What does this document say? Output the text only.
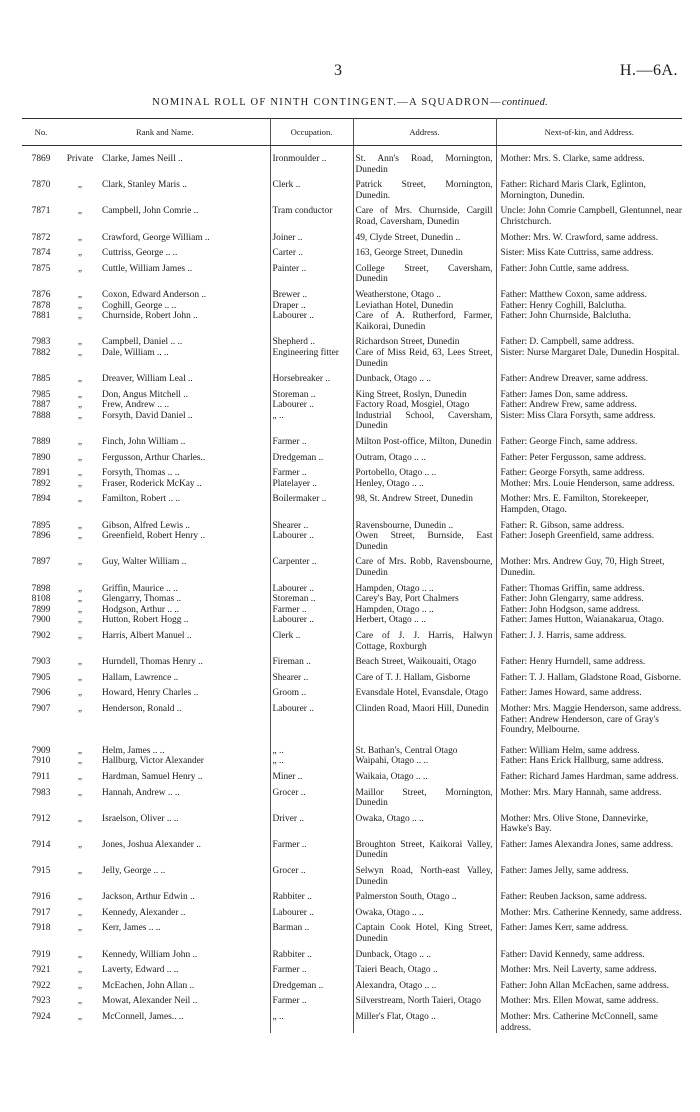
3	H.—6A.
NOMINAL ROLL OF NINTH CONTINGENT.—A SQUADRON—continued.
No.	Rank and Name.		Occupation.	Address.	Next-of-kin, and Address.
7869	Private	Clarke, James Neill ..	Ironmoulder ..	St. Ann's Road, Mornington, Dunedin	Mother: Mrs. S. Clarke, same address.
7870	„	Clark, Stanley Maris ..	Clerk ..	Patrick Street, Mornington, Dunedin.	Father: Richard Maris Clark, Eglinton, Mornington, Dunedin.
7871	„	Campbell, John Comrie ..	Tram conductor	Care of Mrs. Churnside, Cargill Road, Caversham, Dunedin	Uncle: John Comrie Campbell, Glentunnel, near Christchurch.
7872	„	Crawford, George William ..	Joiner ..	49, Clyde Street, Dunedin ..	Mother: Mrs. W. Crawford, same address.
7874	„	Cuttriss, George .. ..	Carter ..	163, George Street, Dunedin	Sister: Miss Kate Cuttriss, same address.
7875	„	Cuttle, William James ..	Painter ..	College Street, Caversham, Dunedin	Father: John Cuttle, same address.
7876	„	Coxon, Edward Anderson ..	Brewer ..	Weatherstone, Otago ..	Father: Matthew Coxon, same address.
7878	„	Coghill, George .. ..	Draper ..	Leviathan Hotel, Dunedin	Father: Henry Coghill, Balclutha.
7881	„	Churnside, Robert John ..	Labourer ..	Care of A. Rutherford, Farmer, Kaikorai, Dunedin	Father: John Churnside, Balclutha.
7983	„	Campbell, Daniel .. ..	Shepherd ..	Richardson Street, Dunedin	Father: D. Campbell, same address.
7882	„	Dale, William .. ..	Engineering fitter	Care of Miss Reid, 63, Lees Street, Dunedin	Sister: Nurse Margaret Dale, Dunedin Hospital.
7885	„	Dreaver, William Leal ..	Horsebreaker ..	Dunback, Otago .. ..	Father: Andrew Dreaver, same address.
7985	„	Don, Angus Mitchell ..	Storeman ..	King Street, Roslyn, Dunedin	Father: James Don, same address.
7887	„	Frew, Andrew .. ..	Labourer ..	Factory Road, Mosgiel, Otago	Father: Andrew Frew, same address.
7888	„	Forsyth, David Daniel ..	„ ..	Industrial School, Caversham, Dunedin	Sister: Miss Clara Forsyth, same address.
7889	„	Finch, John William ..	Farmer ..	Milton Post-office, Milton, Dunedin	Father: George Finch, same address.
7890	„	Fergusson, Arthur Charles..	Dredgeman ..	Outram, Otago .. ..	Father: Peter Fergusson, same address.
7891	„	Forsyth, Thomas .. ..	Farmer ..	Portobello, Otago .. ..	Father: George Forsyth, same address.
7892	„	Fraser, Roderick McKay ..	Platelayer ..	Henley, Otago .. ..	Mother: Mrs. Louie Henderson, same address.
7894	„	Familton, Robert .. ..	Boilermaker ..	98, St. Andrew Street, Dunedin	Mother: Mrs. E. Familton, Storekeeper, Hampden, Otago.
7895	„	Gibson, Alfred Lewis ..	Shearer ..	Ravensbourne, Dunedin ..	Father: R. Gibson, same address.
7896	„	Greenfield, Robert Henry ..	Labourer ..	Owen Street, Burnside, East Dunedin	Father: Joseph Greenfield, same address.
7897	„	Guy, Walter William ..	Carpenter ..	Care of Mrs. Robb, Ravensbourne, Dunedin	Mother: Mrs. Andrew Guy, 70, High Street, Dunedin.
7898	„	Griffin, Maurice .. ..	Labourer ..	Hampden, Otago .. ..	Father: Thomas Griffin, same address.
8108	„	Glengarry, Thomas ..	Storeman ..	Carey's Bay, Port Chalmers	Father: John Glengarry, same address.
7899	„	Hodgson, Arthur .. ..	Farmer ..	Hampden, Otago .. ..	Father: John Hodgson, same address.
7900	„	Hutton, Robert Hogg ..	Labourer ..	Herbert, Otago .. ..	Father: James Hutton, Waianakarua, Otago.
7902	„	Harris, Albert Manuel ..	Clerk ..	Care of J. J. Harris, Halwyn Cottage, Roxburgh	Father: J. J. Harris, same address.
7903	„	Hurndell, Thomas Henry ..	Fireman ..	Beach Street, Waikouaiti, Otago	Father: Henry Hurndell, same address.
7905	„	Hallam, Lawrence ..	Shearer ..	Care of T. J. Hallam, Gisborne	Father: T. J. Hallam, Gladstone Road, Gisborne.
7906	„	Howard, Henry Charles ..	Groom ..	Evansdale Hotel, Evansdale, Otago	Father: James Howard, same address.
7907	„	Henderson, Ronald ..	Labourer ..	Clinden Road, Maori Hill, Dunedin	Mother: Mrs. Maggie Henderson, same address. Father: Andrew Henderson, care of Gray's Foundry, Melbourne.
7909	„	Helm, James .. ..	„ ..	St. Bathan's, Central Otago	Father: William Helm, same address.
7910	„	Hallburg, Victor Alexander	„ ..	Waipahi, Otago .. ..	Father: Hans Erick Hallburg, same address.
7911	„	Hardman, Samuel Henry ..	Miner ..	Waikaia, Otago .. ..	Father: Richard James Hardman, same address.
7983	„	Hannah, Andrew .. ..	Grocer ..	Maillor Street, Mornington, Dunedin	Mother: Mrs. Mary Hannah, same address.
7912	„	Israelson, Oliver .. ..	Driver ..	Owaka, Otago .. ..	Mother: Mrs. Olive Stone, Dannevirke, Hawke's Bay.
7914	„	Jones, Joshua Alexander ..	Farmer ..	Broughton Street, Kaikorai Valley, Dunedin	Father: James Alexandra Jones, same address.
7915	„	Jelly, George .. ..	Grocer ..	Selwyn Road, North-east Valley, Dunedin	Father: James Jelly, same address.
7916	„	Jackson, Arthur Edwin ..	Rabbiter ..	Palmerston South, Otago ..	Father: Reuben Jackson, same address.
7917	„	Kennedy, Alexander ..	Labourer ..	Owaka, Otago .. ..	Mother: Mrs. Catherine Kennedy, same address.
7918	„	Kerr, James .. ..	Barman ..	Captain Cook Hotel, King Street, Dunedin	Father: James Kerr, same address.
7919	„	Kennedy, William John ..	Rabbiter ..	Dunback, Otago .. ..	Father: David Kennedy, same address.
7921	„	Laverty, Edward .. ..	Farmer ..	Taieri Beach, Otago ..	Mother: Mrs. Neil Laverty, same address.
7922	„	McEachen, John Allan ..	Dredgeman ..	Alexandra, Otago .. ..	Father: John Allan McEachen, same address.
7923	„	Mowat, Alexander Neil ..	Farmer ..	Silverstream, North Taieri, Otago	Mother: Mrs. Ellen Mowat, same address.
7924	„	McConnell, James.. ..	„ ..	Miller's Flat, Otago ..	Mother: Mrs. Catherine McConnell, same address.
